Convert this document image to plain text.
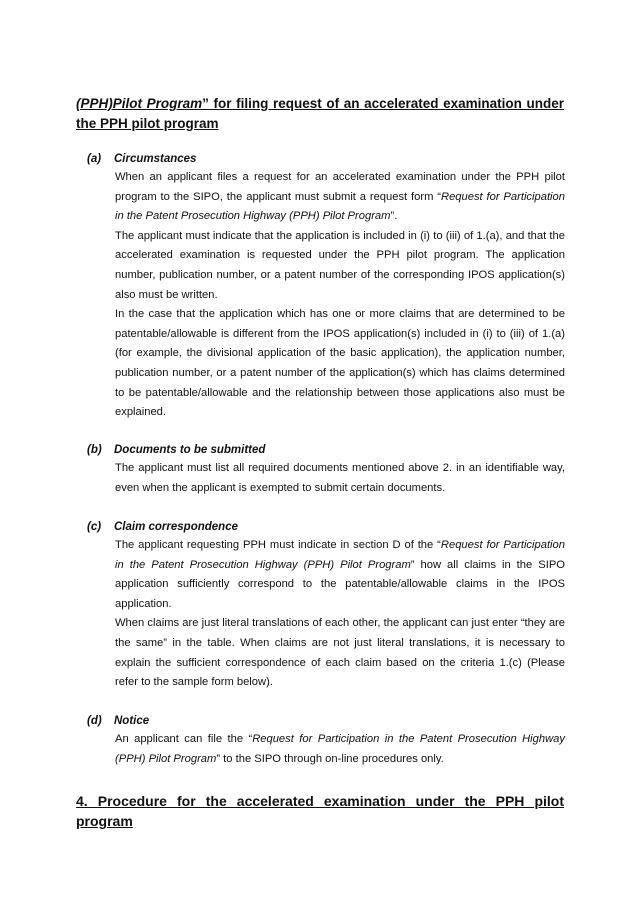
(PPH)Pilot Program” for filing request of an accelerated examination under the PPH pilot program
(a) Circumstances

When an applicant files a request for an accelerated examination under the PPH pilot program to the SIPO, the applicant must submit a request form “Request for Participation in the Patent Prosecution Highway (PPH) Pilot Program”.

The applicant must indicate that the application is included in (i) to (iii) of 1.(a), and that the accelerated examination is requested under the PPH pilot program. The application number, publication number, or a patent number of the corresponding IPOS application(s) also must be written.

In the case that the application which has one or more claims that are determined to be patentable/allowable is different from the IPOS application(s) included in (i) to (iii) of 1.(a) (for example, the divisional application of the basic application), the application number, publication number, or a patent number of the application(s) which has claims determined to be patentable/allowable and the relationship between those applications also must be explained.

(b) Documents to be submitted

The applicant must list all required documents mentioned above 2. in an identifiable way, even when the applicant is exempted to submit certain documents.

(c) Claim correspondence

The applicant requesting PPH must indicate in section D of the “Request for Participation in the Patent Prosecution Highway (PPH) Pilot Program” how all claims in the SIPO application sufficiently correspond to the patentable/allowable claims in the IPOS application.

When claims are just literal translations of each other, the applicant can just enter “they are the same” in the table. When claims are not just literal translations, it is necessary to explain the sufficient correspondence of each claim based on the criteria 1.(c) (Please refer to the sample form below).

(d) Notice

An applicant can file the “Request for Participation in the Patent Prosecution Highway (PPH) Pilot Program” to the SIPO through on-line procedures only.

4. Procedure for the accelerated examination under the PPH pilot program
